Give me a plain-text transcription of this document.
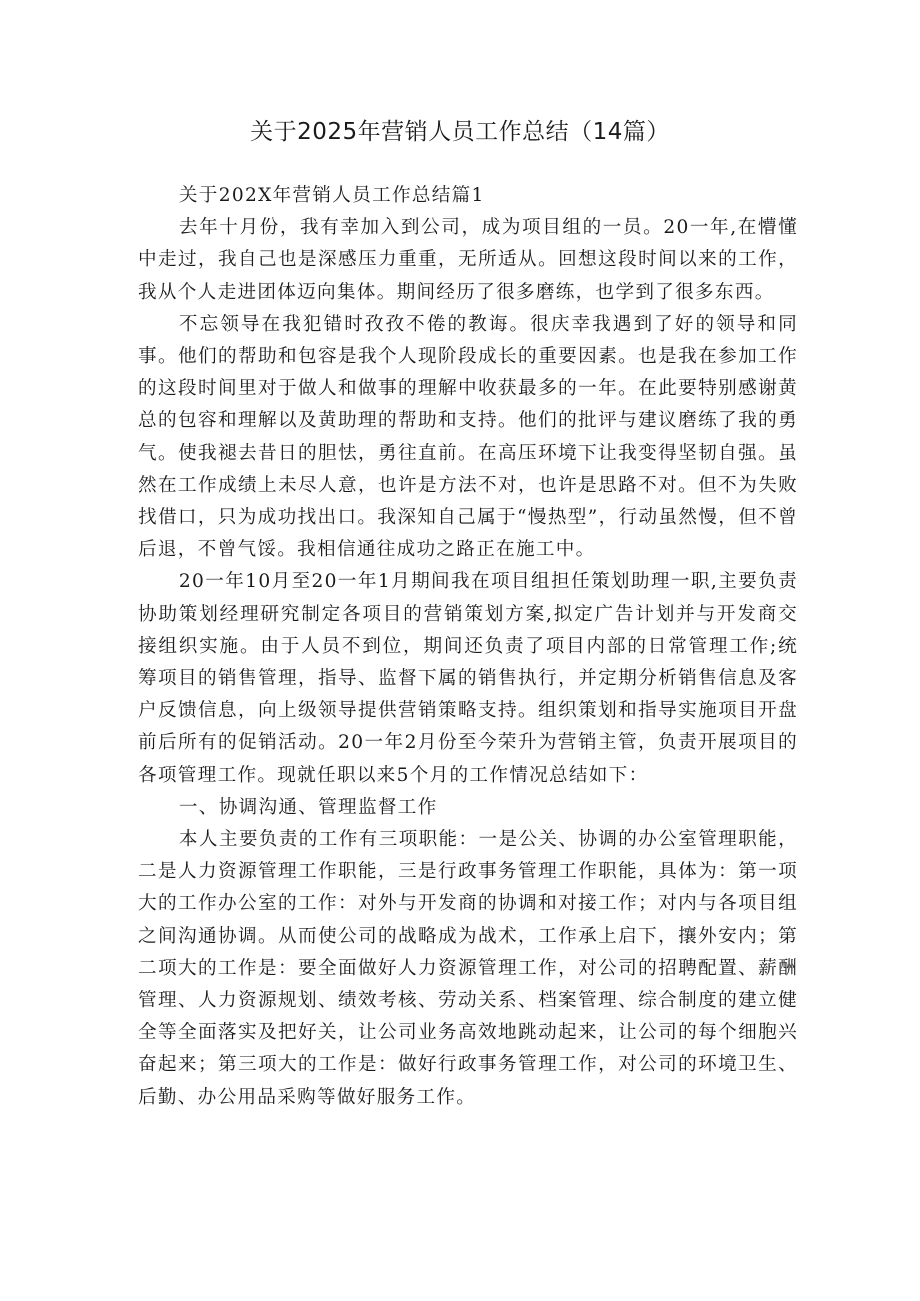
关于2025年营销人员工作总结（14篇）

关于202X年营销人员工作总结篇1

去年十月份，我有幸加入到公司，成为项目组的一员。20一年,在懵懂中走过，我自己也是深感压力重重，无所适从。回想这段时间以来的工作，我从个人走进团体迈向集体。期间经历了很多磨练，也学到了很多东西。

不忘领导在我犯错时孜孜不倦的教诲。很庆幸我遇到了好的领导和同事。他们的帮助和包容是我个人现阶段成长的重要因素。也是我在参加工作的这段时间里对于做人和做事的理解中收获最多的一年。在此要特别感谢黄总的包容和理解以及黄助理的帮助和支持。他们的批评与建议磨练了我的勇气。使我褪去昔日的胆怯，勇往直前。在高压环境下让我变得坚韧自强。虽然在工作成绩上未尽人意，也许是方法不对，也许是思路不对。但不为失败找借口，只为成功找出口。我深知自己属于“慢热型”，行动虽然慢，但不曾后退，不曾气馁。我相信通往成功之路正在施工中。

20一年10月至20一年1月期间我在项目组担任策划助理一职,主要负责协助策划经理研究制定各项目的营销策划方案,拟定广告计划并与开发商交接组织实施。由于人员不到位，期间还负责了项目内部的日常管理工作;统筹项目的销售管理，指导、监督下属的销售执行，并定期分析销售信息及客户反馈信息，向上级领导提供营销策略支持。组织策划和指导实施项目开盘前后所有的促销活动。20一年2月份至今荣升为营销主管，负责开展项目的各项管理工作。现就任职以来5个月的工作情况总结如下：

一、协调沟通、管理监督工作

本人主要负责的工作有三项职能：一是公关、协调的办公室管理职能，二是人力资源管理工作职能，三是行政事务管理工作职能，具体为：第一项大的工作办公室的工作：对外与开发商的协调和对接工作；对内与各项目组之间沟通协调。从而使公司的战略成为战术，工作承上启下，攘外安内；第二项大的工作是：要全面做好人力资源管理工作，对公司的招聘配置、薪酬管理、人力资源规划、绩效考核、劳动关系、档案管理、综合制度的建立健全等全面落实及把好关，让公司业务高效地跳动起来，让公司的每个细胞兴奋起来；第三项大的工作是：做好行政事务管理工作，对公司的环境卫生、后勤、办公用品采购等做好服务工作。
